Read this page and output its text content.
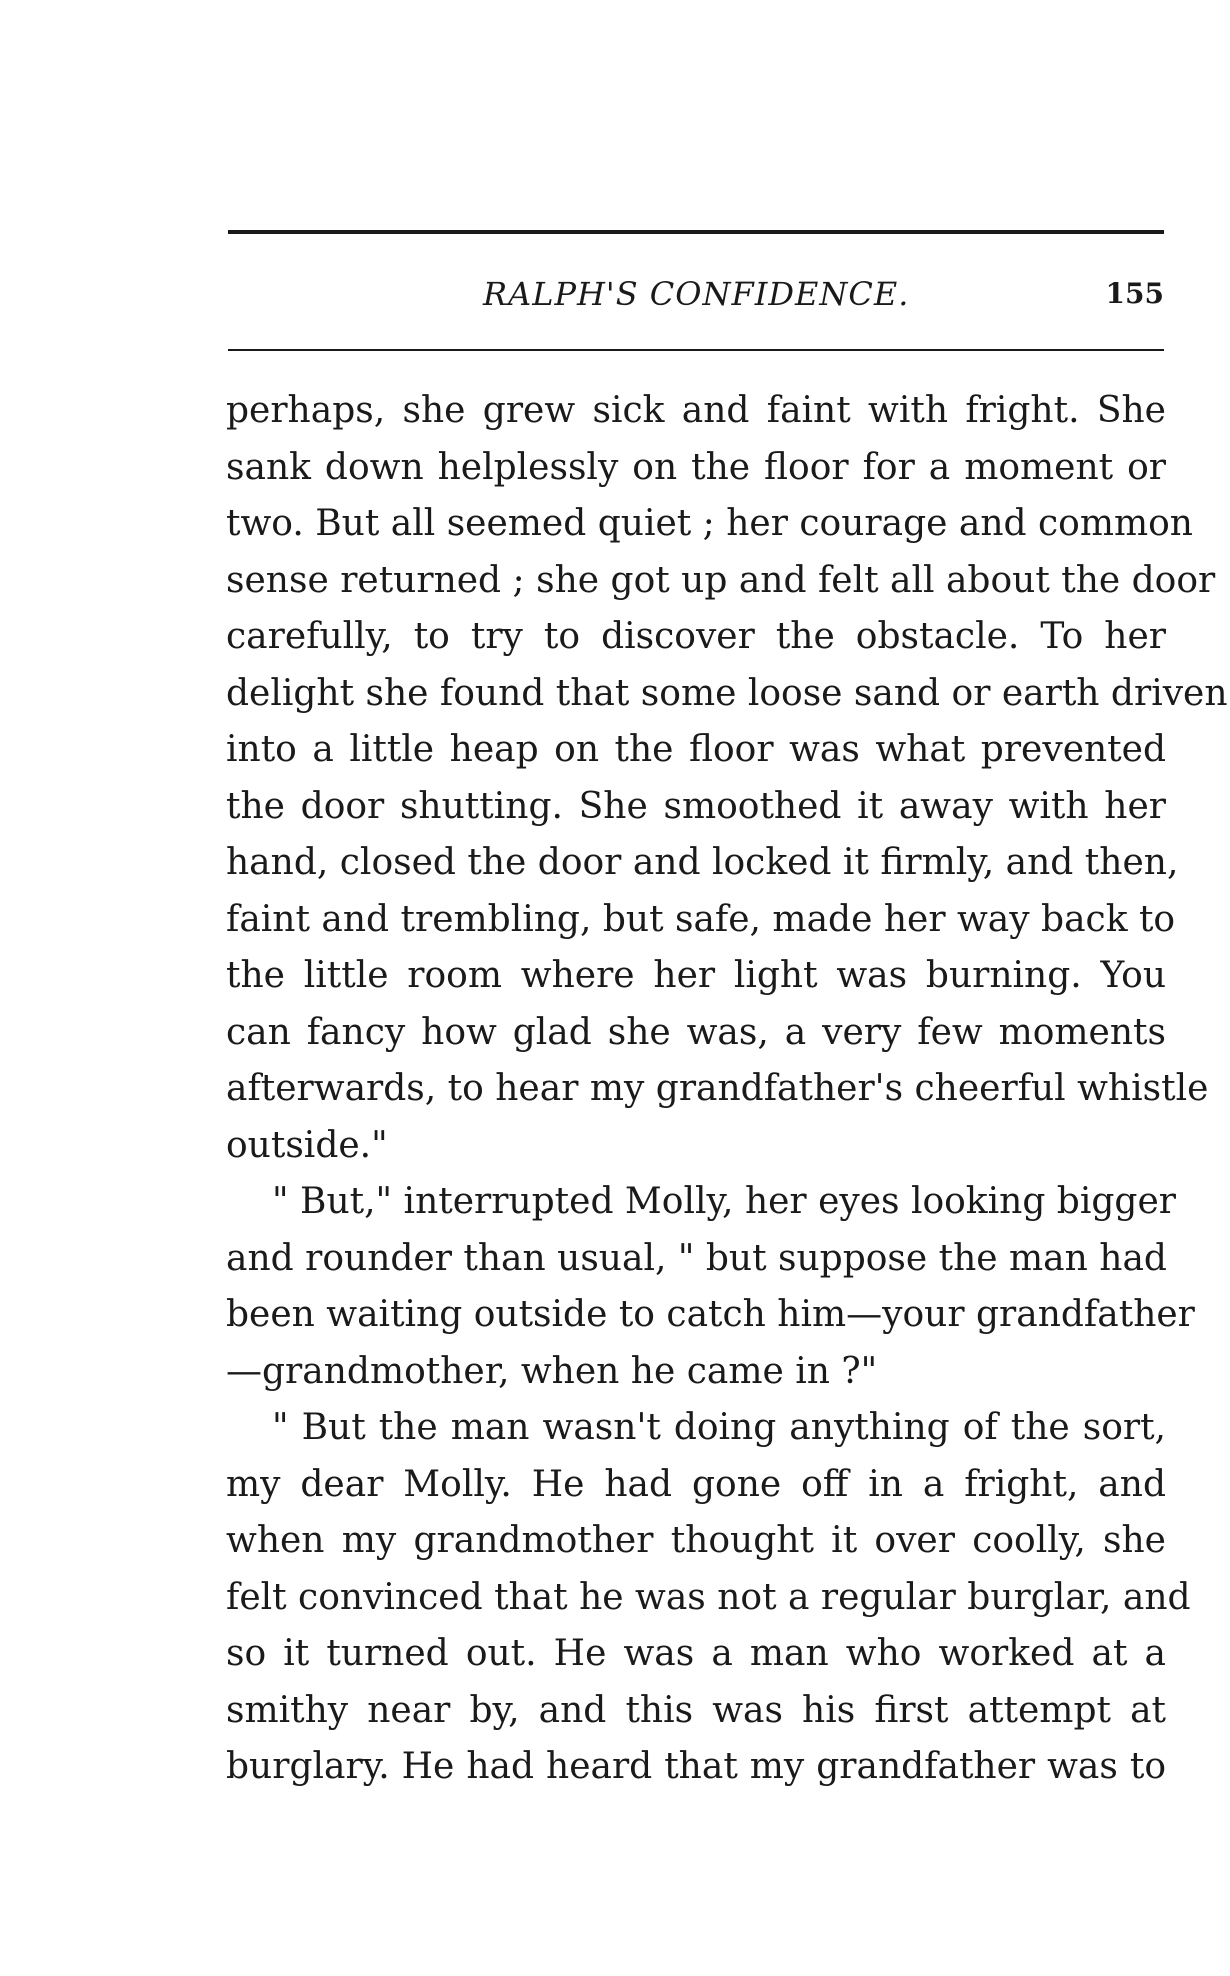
RALPH'S CONFIDENCE.	155
perhaps, she grew sick and faint with fright. She
sank down helplessly on the floor for a moment or
two. But all seemed quiet ; her courage and common
sense returned ; she got up and felt all about the door
carefully, to try to discover the obstacle. To her
delight she found that some loose sand or earth driven
into a little heap on the floor was what prevented
the door shutting. She smoothed it away with her
hand, closed the door and locked it firmly, and then,
faint and trembling, but safe, made her way back to
the little room where her light was burning. You
can fancy how glad she was, a very few moments
afterwards, to hear my grandfather's cheerful whistle
outside."
" But," interrupted Molly, her eyes looking bigger
and rounder than usual, " but suppose the man had
been waiting outside to catch him—your grandfather
—grandmother, when he came in ?"
" But the man wasn't doing anything of the sort,
my dear Molly. He had gone off in a fright, and
when my grandmother thought it over coolly, she
felt convinced that he was not a regular burglar, and
so it turned out. He was a man who worked at a
smithy near by, and this was his first attempt at
burglary. He had heard that my grandfather was to
